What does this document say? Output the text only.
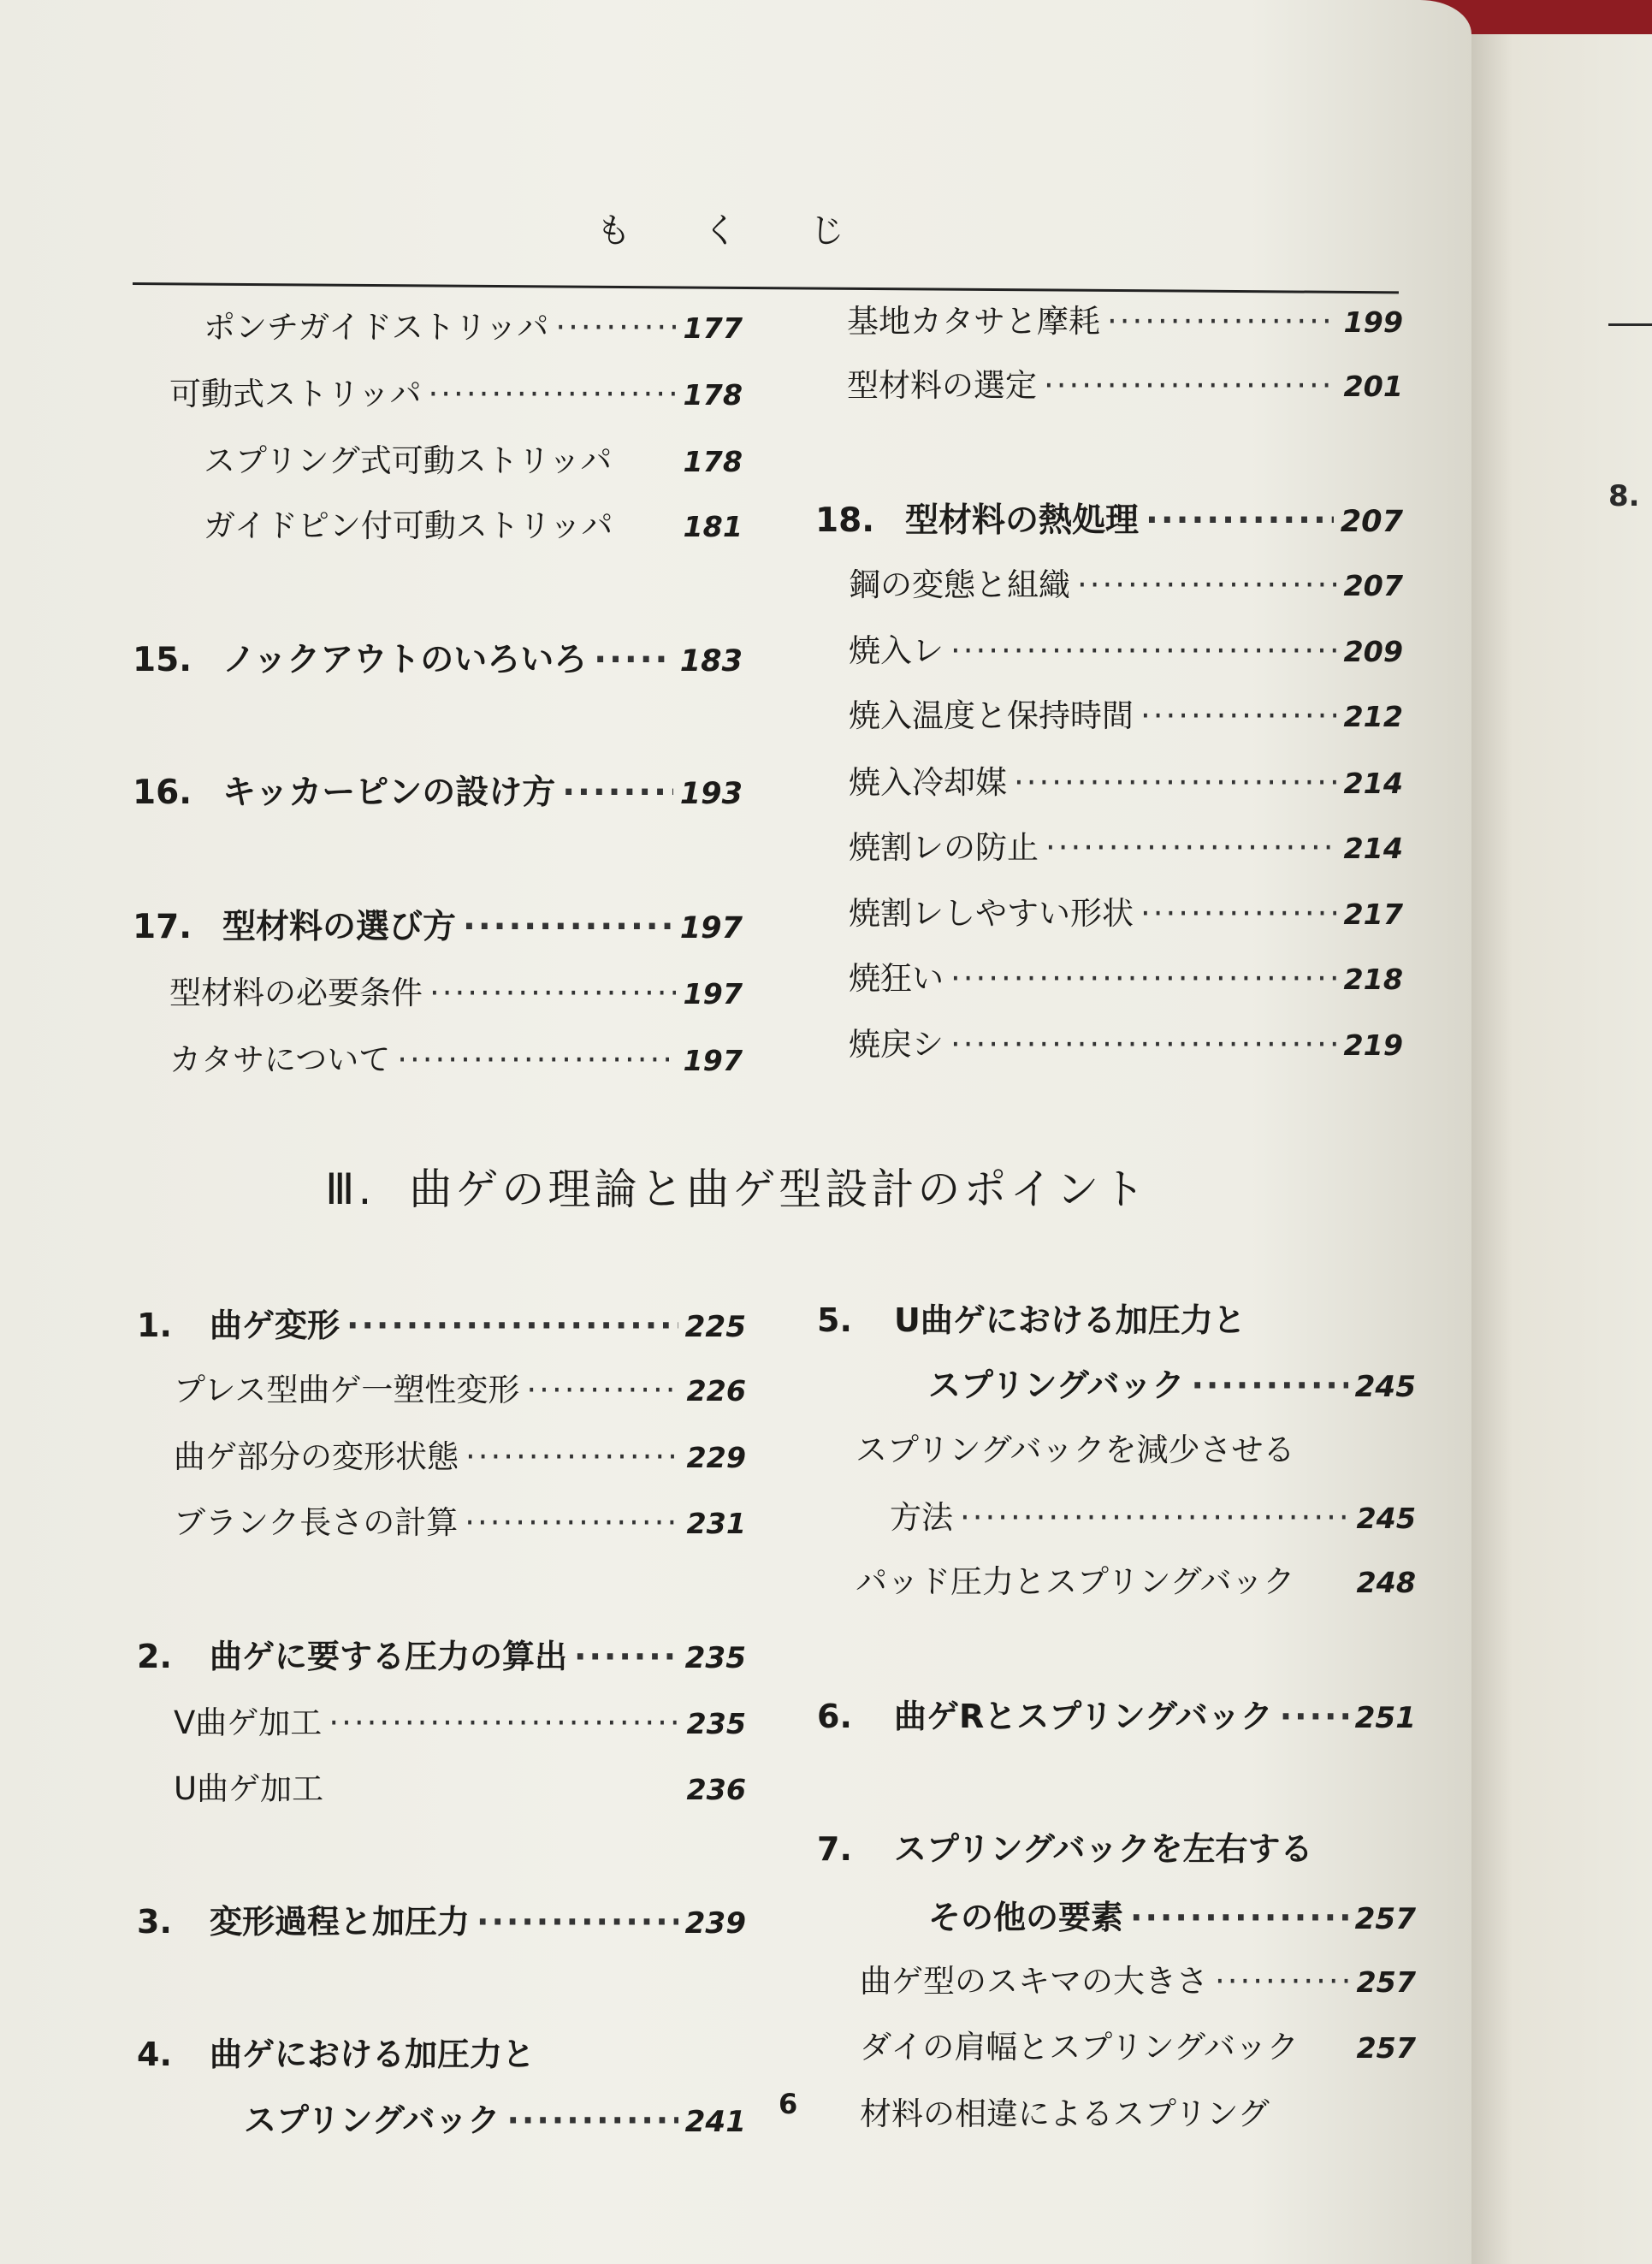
8.
も く じ
ポンチガイドストリッパ ·····	177
可動式ストリッパ ·····	178
スプリング式可動ストリッパ 178
ガイドピン付可動ストリッパ 181
15. ノックアウトのいろいろ ·····	183
16. キッカーピンの設け方 ·····	193
17. 型材料の選び方 ·····	197
型材料の必要条件 ·····	197
カタサについて ·····	197
基地カタサと摩耗 ·····	199
型材料の選定 ·····	201
18. 型材料の熱処理 ·····	207
鋼の変態と組織 ·····	207
焼入レ ·····	209
焼入温度と保持時間 ·····	212
焼入冷却媒 ·····	214
焼割レの防止 ·····	214
焼割レしやすい形状 ·····	217
焼狂い ·····	218
焼戻シ ·····	219
Ⅲ. 曲ゲの理論と曲ゲ型設計のポイント
1.	曲ゲ変形 ·····	225
プレス型曲ゲ一塑性変形 ·····	226
曲ゲ部分の変形状態 ·····	229
ブランク長さの計算 ·····	231
2.	曲ゲに要する圧力の算出 ·····	235
V曲ゲ加工 ·····	235
U曲ゲ加工	236
3.	変形過程と加圧力 ·····	239
4.	曲ゲにおける加圧力と
スプリングバック ·····	241
5.	U曲ゲにおける加圧力と
スプリングバック ·····	245
スプリングバックを減少させる
方法 ·····	245
パッド圧力とスプリングバック 248
6.	曲ゲRとスプリングバック ·····	251
7.	スプリングバックを左右する
その他の要素 ·····	257
曲ゲ型のスキマの大きさ ·····	257
ダイの肩幅とスプリングバック 257
材料の相違によるスプリング
6
